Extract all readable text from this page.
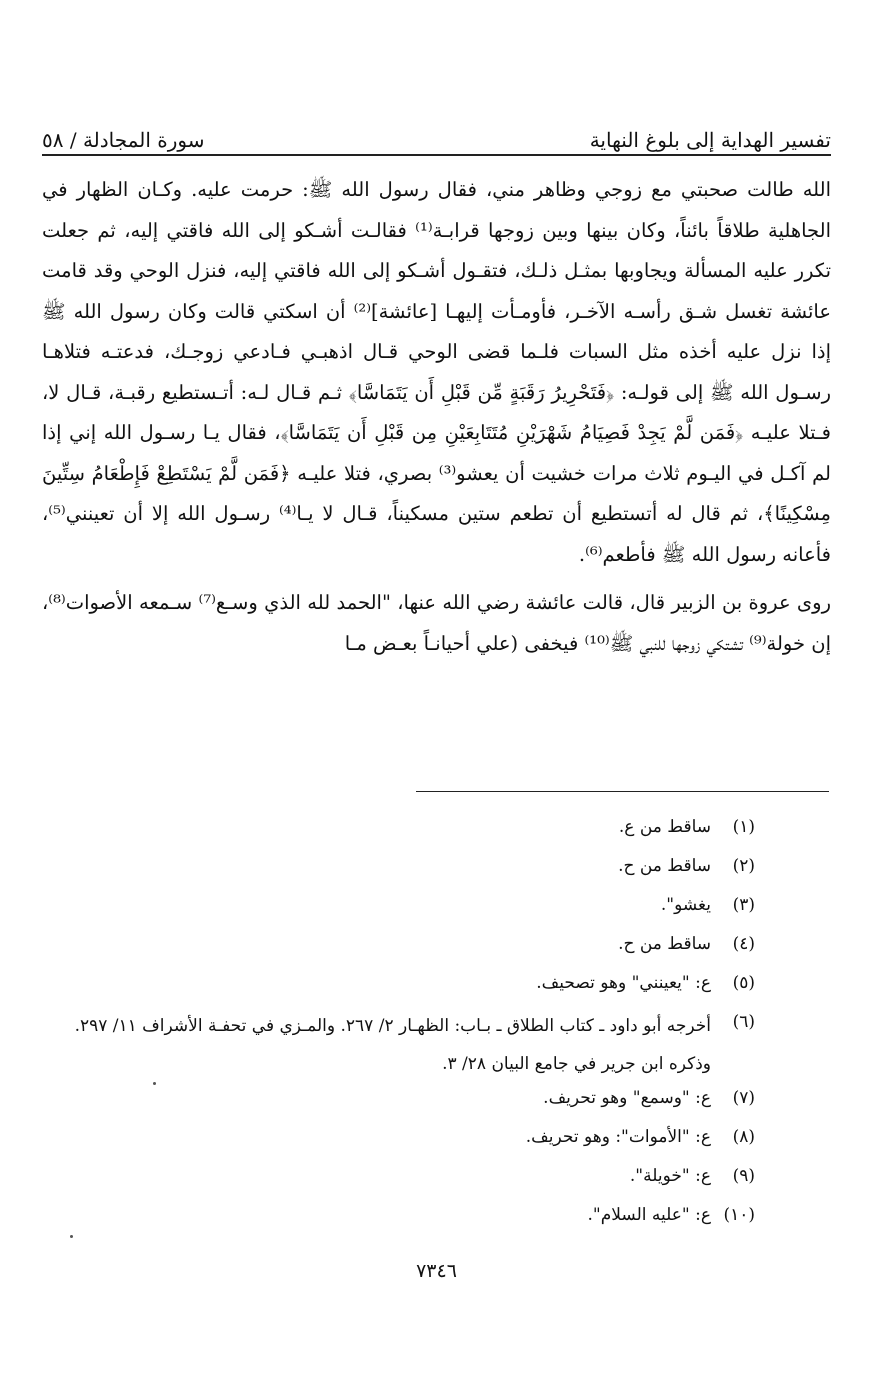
تفسير الهداية إلى بلوغ النهاية
سورة المجادلة / ٥٨

الله طالت صحبتي مع زوجي وظاهر مني، فقال رسول الله ﷺ: حرمت عليه. وكـان الظهار في الجاهلية طلاقاً بائناً، وكان بينها وبين زوجها قرابـة⁽¹⁾ فقالـت أشـكو إلى الله فاقتي إليه، ثم جعلت تكرر عليه المسألة ويجاوبها بمثـل ذلـك، فتقـول أشـكو إلى الله فاقتي إليه، فنزل الوحي وقد قامت عائشة تغسل شـق رأسـه الآخـر، فأومـأت إليهـا [عائشة]⁽²⁾ أن اسكتي قالت وكان رسول الله ﷺ إذا نزل عليه أخذه مثل السبات فلـما قضى الوحي قـال اذهبـي فـادعي زوجـك، فدعتـه فتلاهـا رسـول الله ﷺ إلى قولـه: ﴿فَتَحْرِيرُ رَقَبَةٍ مِّن قَبْلِ أَن يَتَمَاسَّا﴾ ثـم قـال لـه: أتـستطيع رقبـة، قـال لا، فـتلا عليـه ﴿فَمَن لَّمْ يَجِدْ فَصِيَامُ شَهْرَيْنِ مُتَتَابِعَيْنِ مِن قَبْلِ أَن يَتَمَاسَّا﴾، فقال يـا رسـول الله إني إذا لم آكـل في اليـوم ثلاث مرات خشيت أن يعشو⁽³⁾ بصري، فتلا عليـه ﴿فَمَن لَّمْ يَسْتَطِعْ فَإِطْعَامُ سِتِّينَ مِسْكِينًا﴾، ثم قال له أتستطيع أن تطعم ستين مسكيناً، قـال لا يـا⁽⁴⁾ رسـول الله إلا أن تعينني⁽⁵⁾، فأعانه رسول الله ﷺ فأطعم⁽⁶⁾.

روى عروة بن الزبير قال، قالت عائشة رضي الله عنها، "الحمد لله الذي وسـع⁽⁷⁾ سـمعه الأصوات⁽⁸⁾، إن خولة⁽⁹⁾ تشتكي زوجها للنبي ﷺ⁽¹⁰⁾ فيخفى (علي أحيانـاً بعـض مـا

(١)
ساقط من ع.
(٢)
ساقط من ح.
(٣)
يغشو".
(٤)
ساقط من ح.
(٥)
ع: "يعينني" وهو تصحيف.
(٦)
أخرجه أبو داود ـ كتاب الطلاق ـ بـاب: الظهـار ٢/ ٢٦٧. والمـزي في تحفـة الأشراف ١١/ ٢٩٧. وذكره ابن جرير في جامع البيان ٢٨/ ٣.
(٧)
ع: "وسمع" وهو تحريف.
(٨)
ع: "الأموات": وهو تحريف.
(٩)
ع: "خويلة".
(١٠)
ع: "عليه السلام".
٧٣٤٦
